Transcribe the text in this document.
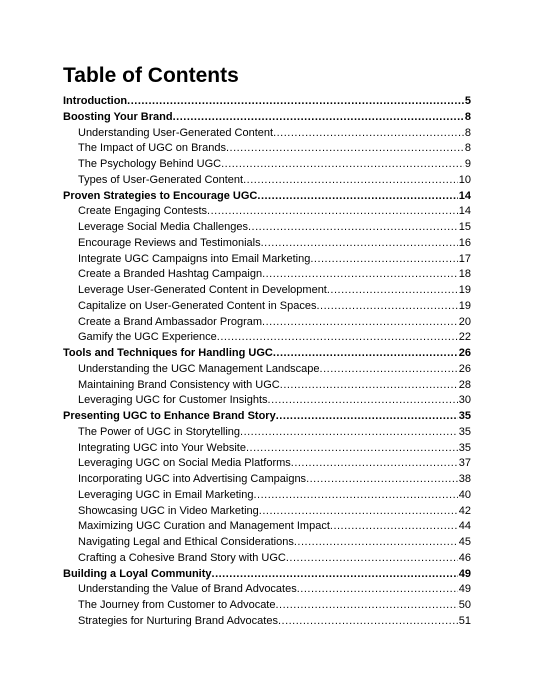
Table of Contents
Introduction .....	5
Boosting Your Brand .....	8
Understanding User-Generated Content .....	8
The Impact of UGC on Brands .....	8
The Psychology Behind UGC .....	9
Types of User-Generated Content .....	10
Proven Strategies to Encourage UGC .....	14
Create Engaging Contests .....	14
Leverage Social Media Challenges .....	15
Encourage Reviews and Testimonials .....	16
Integrate UGC Campaigns into Email Marketing .....	17
Create a Branded Hashtag Campaign .....	18
Leverage User-Generated Content in Development .....	19
Capitalize on User-Generated Content in Spaces .....	19
Create a Brand Ambassador Program .....	20
Gamify the UGC Experience .....	22
Tools and Techniques for Handling UGC .....	26
Understanding the UGC Management Landscape .....	26
Maintaining Brand Consistency with UGC .....	28
Leveraging UGC for Customer Insights .....	30
Presenting UGC to Enhance Brand Story .....	35
The Power of UGC in Storytelling .....	35
Integrating UGC into Your Website .....	35
Leveraging UGC on Social Media Platforms .....	37
Incorporating UGC into Advertising Campaigns .....	38
Leveraging UGC in Email Marketing .....	40
Showcasing UGC in Video Marketing .....	42
Maximizing UGC Curation and Management Impact .....	44
Navigating Legal and Ethical Considerations .....	45
Crafting a Cohesive Brand Story with UGC .....	46
Building a Loyal Community .....	49
Understanding the Value of Brand Advocates .....	49
The Journey from Customer to Advocate .....	50
Strategies for Nurturing Brand Advocates .....	51
